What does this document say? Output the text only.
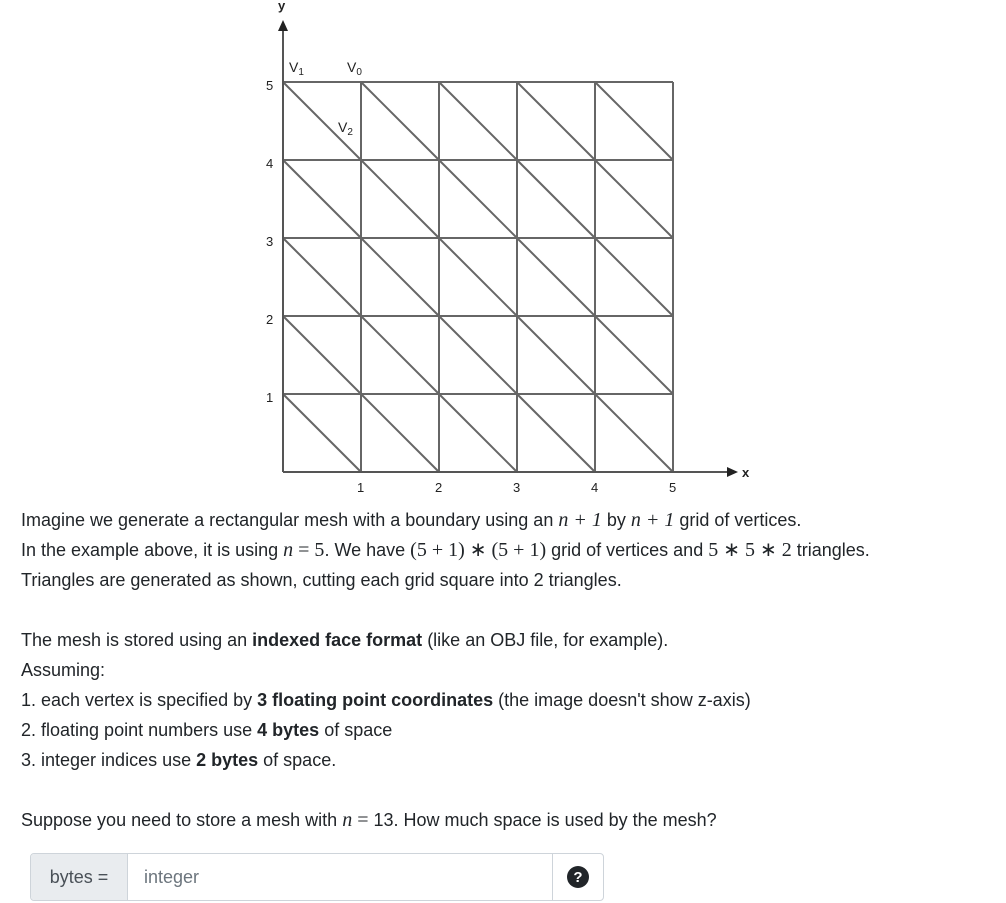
y
x
1
2
3
4
5
1	2	3	4	5
$V_1$	$V_0$
$V_2$

Imagine we generate a rectangular mesh with a boundary using an n + 1 by n + 1 grid of vertices.

In the example above, it is using n = 5. We have (5 + 1) ∗ (5 + 1) grid of vertices and 5 ∗ 5 ∗ 2 triangles.

Triangles are generated as shown, cutting each grid square into 2 triangles.

The mesh is stored using an indexed face format (like an OBJ file, for example).

Assuming:

1. each vertex is specified by 3 floating point coordinates (the image doesn't show z-axis)

2. floating point numbers use 4 bytes of space

3. integer indices use 2 bytes of space.

Suppose you need to store a mesh with n = 13. How much space is used by the mesh?

bytes =
integer	?
